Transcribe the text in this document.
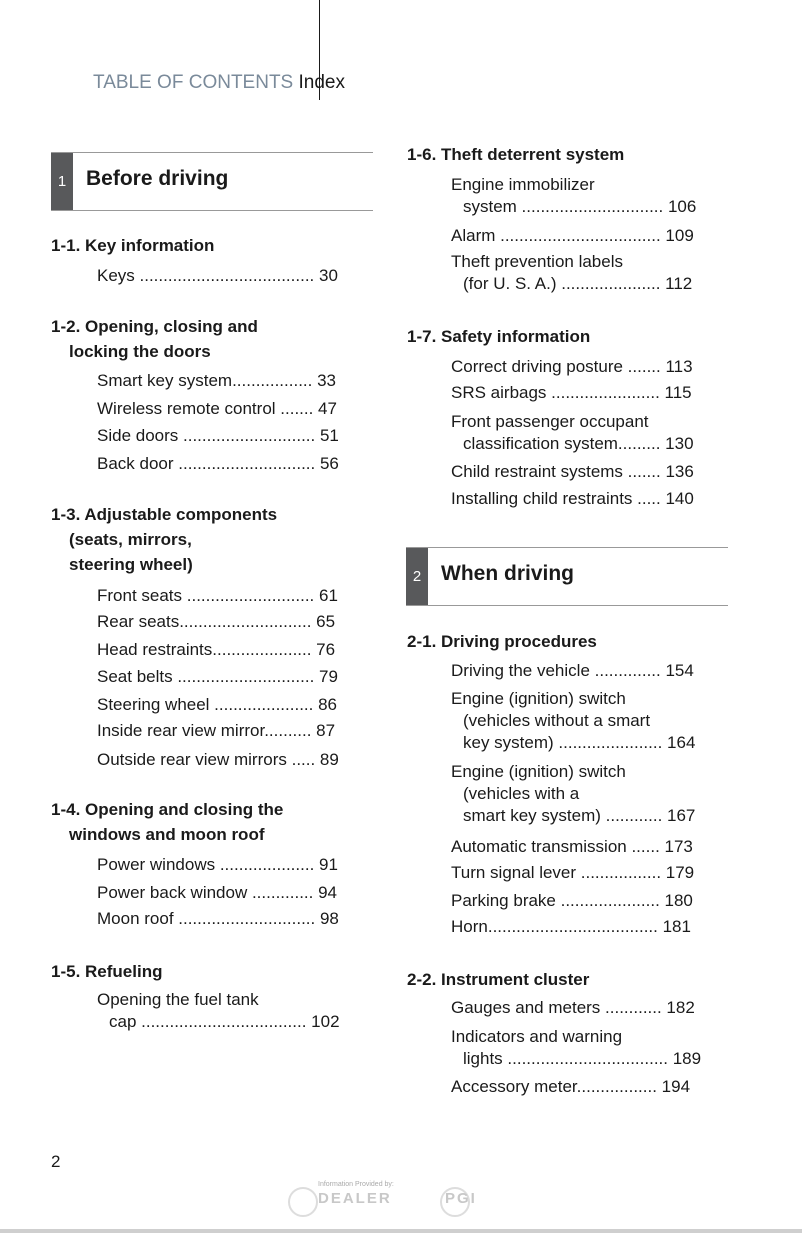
TABLE OF CONTENTS Index
1 Before driving
1-1. Key information
Keys ..................................... 30
1-2. Opening, closing and
locking the doors
Smart key system................. 33
Wireless remote control ....... 47
Side doors ............................ 51
Back door ............................. 56
1-3. Adjustable components
(seats, mirrors,
steering wheel)
Front seats ........................... 61
Rear seats............................ 65
Head restraints..................... 76
Seat belts ............................. 79
Steering wheel ..................... 86
Inside rear view mirror.......... 87
Outside rear view mirrors ..... 89
1-4. Opening and closing the
windows and moon roof
Power windows .................... 91
Power back window ............. 94
Moon roof ............................. 98
1-5. Refueling
Opening the fuel tank
cap ................................... 102
1-6. Theft deterrent system
Engine immobilizer
system .............................. 106
Alarm .................................. 109
Theft prevention labels
(for U. S. A.) ..................... 112
1-7. Safety information
Correct driving posture ....... 113
SRS airbags ....................... 115
Front passenger occupant
classification system......... 130
Child restraint systems ....... 136
Installing child restraints ..... 140
2 When driving
2-1. Driving procedures
Driving the vehicle .............. 154
Engine (ignition) switch
(vehicles without a smart
key system) ...................... 164
Engine (ignition) switch
(vehicles with a
smart key system) ............ 167
Automatic transmission ...... 173
Turn signal lever ................. 179
Parking brake ..................... 180
Horn.................................... 181
2-2. Instrument cluster
Gauges and meters ............ 182
Indicators and warning
lights .................................. 189
Accessory meter................. 194
2
Information Provided by:
DEALER	PGI
